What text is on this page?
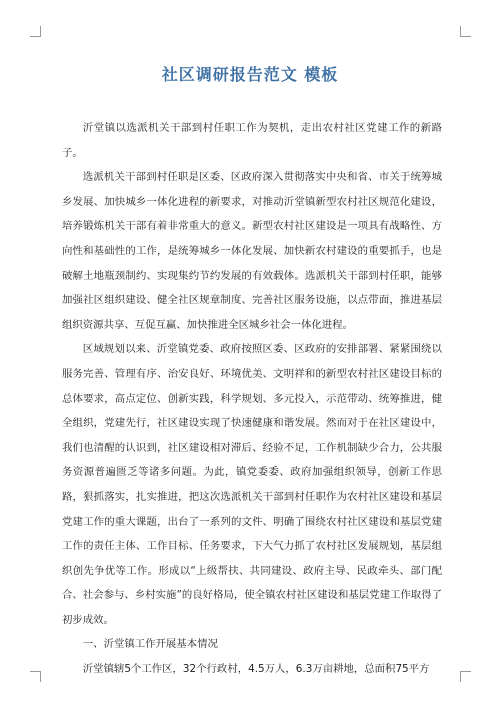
社区调研报告范文 模板

沂堂镇以选派机关干部到村任职工作为契机，走出农村社区党建工作的新路子。

选派机关干部到村任职是区委、区政府深入贯彻落实中央和省、市关于统筹城乡发展、加快城乡一体化进程的新要求，对推动沂堂镇新型农村社区规范化建设，培养锻炼机关干部有着非常重大的意义。新型农村社区建设是一项具有战略性、方向性和基础性的工作，是统筹城乡一体化发展、加快新农村建设的重要抓手，也是破解土地瓶颈制约、实现集约节约发展的有效载体。选派机关干部到村任职，能够加强社区组织建设、健全社区规章制度、完善社区服务设施，以点带面，推进基层组织资源共享、互促互赢、加快推进全区城乡社会一体化进程。

区域规划以来、沂堂镇党委、政府按照区委、区政府的安排部署、紧紧围绕以服务完善、管理有序、治安良好、环境优美、文明祥和的新型农村社区建设目标的总体要求，高点定位、创新实践，科学规划、多元投入，示范带动、统筹推进，健全组织，党建先行，社区建设实现了快速健康和谐发展。然而对于在社区建设中，我们也清醒的认识到，社区建设相对滞后、经验不足，工作机制缺少合力，公共服务资源普遍匮乏等诸多问题。为此，镇党委委、政府加强组织领导，创新工作思路，狠抓落实，扎实推进，把这次选派机关干部到村任职作为农村社区建设和基层党建工作的重大课题，出台了一系列的文件、明确了围绕农村社区建设和基层党建工作的责任主体、工作目标、任务要求，下大气力抓了农村社区发展规划，基层组织创先争优等工作。形成以“上级帮扶、共同建设、政府主导、民政牵头、部门配合、社会参与、乡村实施”的良好格局，使全镇农村社区建设和基层党建工作取得了初步成效。

一、沂堂镇工作开展基本情况

沂堂镇辖5个工作区，32个行政村，4.5万人，6.3万亩耕地，总面积75平方
